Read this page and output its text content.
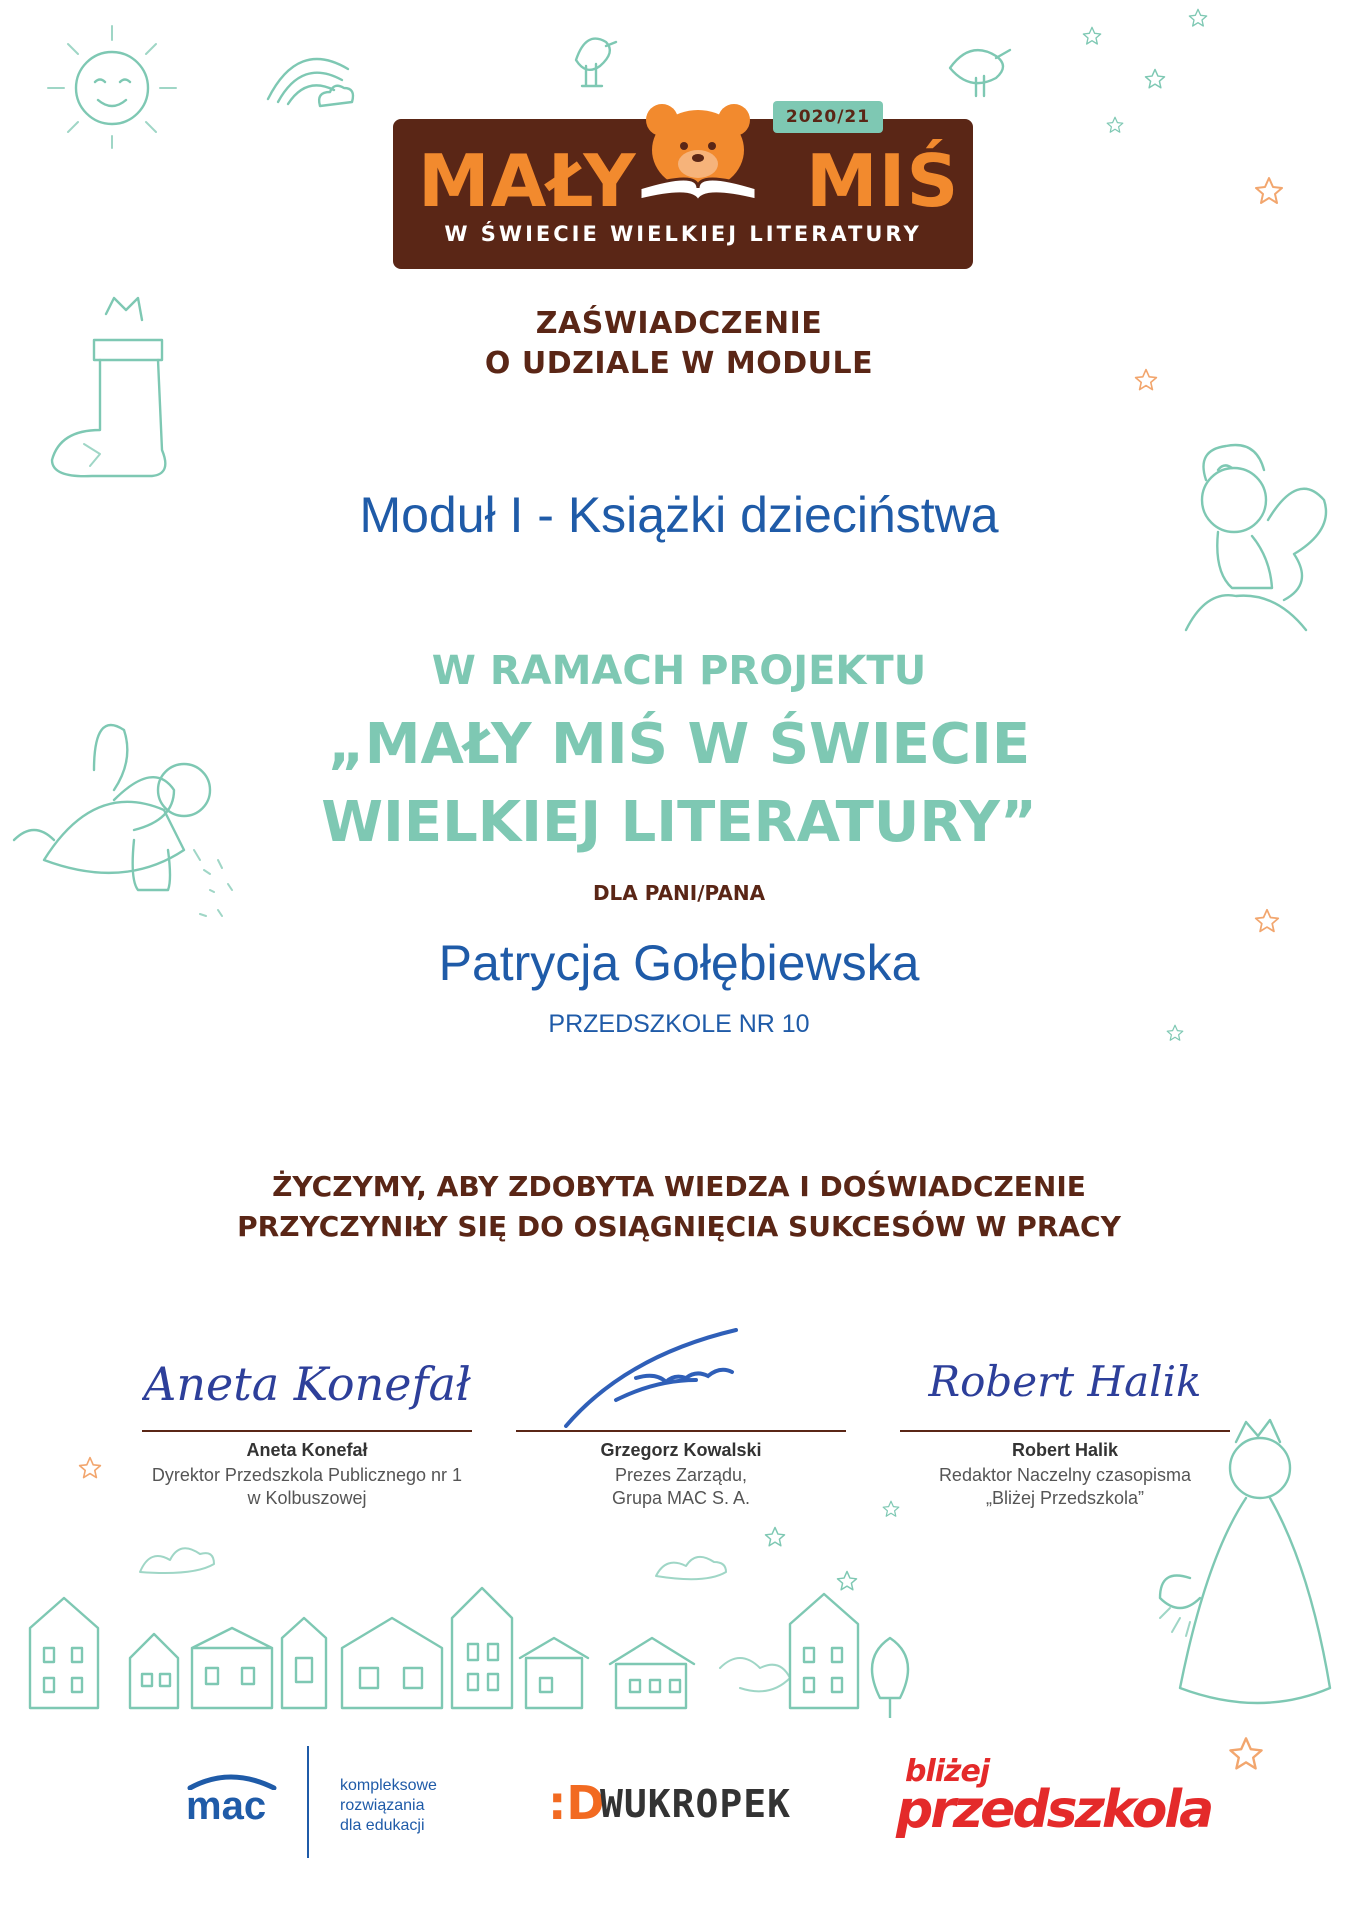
2020/21
MAŁY MIŚ
W ŚWIECIE WIELKIEJ LITERATURY
ZAŚWIADCZENIE
O UDZIALE W MODULE
Moduł I - Książki dzieciństwa
W RAMACH PROJEKTU
„MAŁY MIŚ W ŚWIECIE
WIELKIEJ LITERATURY”
DLA PANI/PANA
Patrycja Gołębiewska
PRZEDSZKOLE NR 10
ŻYCZYMY, ABY ZDOBYTA WIEDZA I DOŚWIADCZENIE
PRZYCZYNIŁY SIĘ DO OSIĄGNIĘCIA SUKCESÓW W PRACY
Aneta Konefał
Aneta Konefał
Dyrektor Przedszkola Publicznego nr 1
w Kolbuszowej
Grzegorz Kowalski
Prezes Zarządu,
Grupa MAC S. A.
Robert Halik
Robert Halik
Redaktor Naczelny czasopisma
„Bliżej Przedszkola”
mac	kompleksowe
rozwiązania
dla edukacji	:D
WUKROPEK
bliżej
przedszkola
